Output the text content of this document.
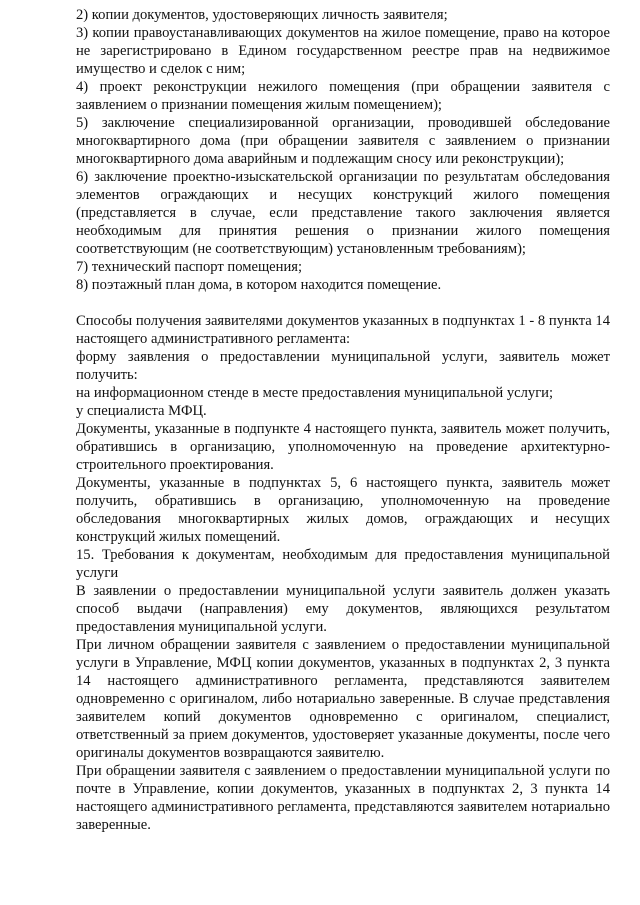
2) копии документов, удостоверяющих личность заявителя;

3) копии правоустанавливающих документов на жилое помещение, право на которое не зарегистрировано в Едином государственном реестре прав на недвижимое имущество и сделок с ним;

4) проект реконструкции нежилого помещения (при обращении заявителя с заявлением о признании помещения жилым помещением);

5) заключение специализированной организации, проводившей обследование многоквартирного дома (при обращении заявителя с заявлением о признании многоквартирного дома аварийным и подлежащим сносу или реконструкции);

6) заключение проектно-изыскательской организации по результатам обследования элементов ограждающих и несущих конструкций жилого помещения (представляется в случае, если представление такого заключения является необходимым для принятия решения о признании жилого помещения соответствующим (не соответствующим) установленным требованиям);

7) технический паспорт помещения;

8) поэтажный план дома, в котором находится помещение.

Способы получения заявителями документов указанных в подпунктах 1 - 8 пункта 14 настоящего административного регламента:

форму заявления о предоставлении муниципальной услуги, заявитель может получить:

на информационном стенде в месте предоставления муниципальной услуги;

у специалиста МФЦ.

Документы, указанные в подпункте 4 настоящего пункта, заявитель может получить, обратившись в организацию, уполномоченную на проведение архитектурно-строительного проектирования.

Документы, указанные в подпунктах 5, 6 настоящего пункта, заявитель может получить, обратившись в организацию, уполномоченную на проведение обследования многоквартирных жилых домов, ограждающих и несущих конструкций жилых помещений.

15. Требования к документам, необходимым для предоставления муниципальной услуги

В заявлении о предоставлении муниципальной услуги заявитель должен указать способ выдачи (направления) ему документов, являющихся результатом предоставления муниципальной услуги.

При личном обращении заявителя с заявлением о предоставлении муниципальной услуги в Управление, МФЦ копии документов, указанных в подпунктах 2, 3 пункта 14 настоящего административного регламента, представляются заявителем одновременно с оригиналом, либо нотариально заверенные. В случае представления заявителем копий документов одновременно с оригиналом, специалист, ответственный за прием документов, удостоверяет указанные документы, после чего оригиналы документов возвращаются заявителю.

При обращении заявителя с заявлением о предоставлении муниципальной услуги по почте в Управление, копии документов, указанных в подпунктах 2, 3 пункта 14 настоящего административного регламента, представляются заявителем нотариально заверенные.
